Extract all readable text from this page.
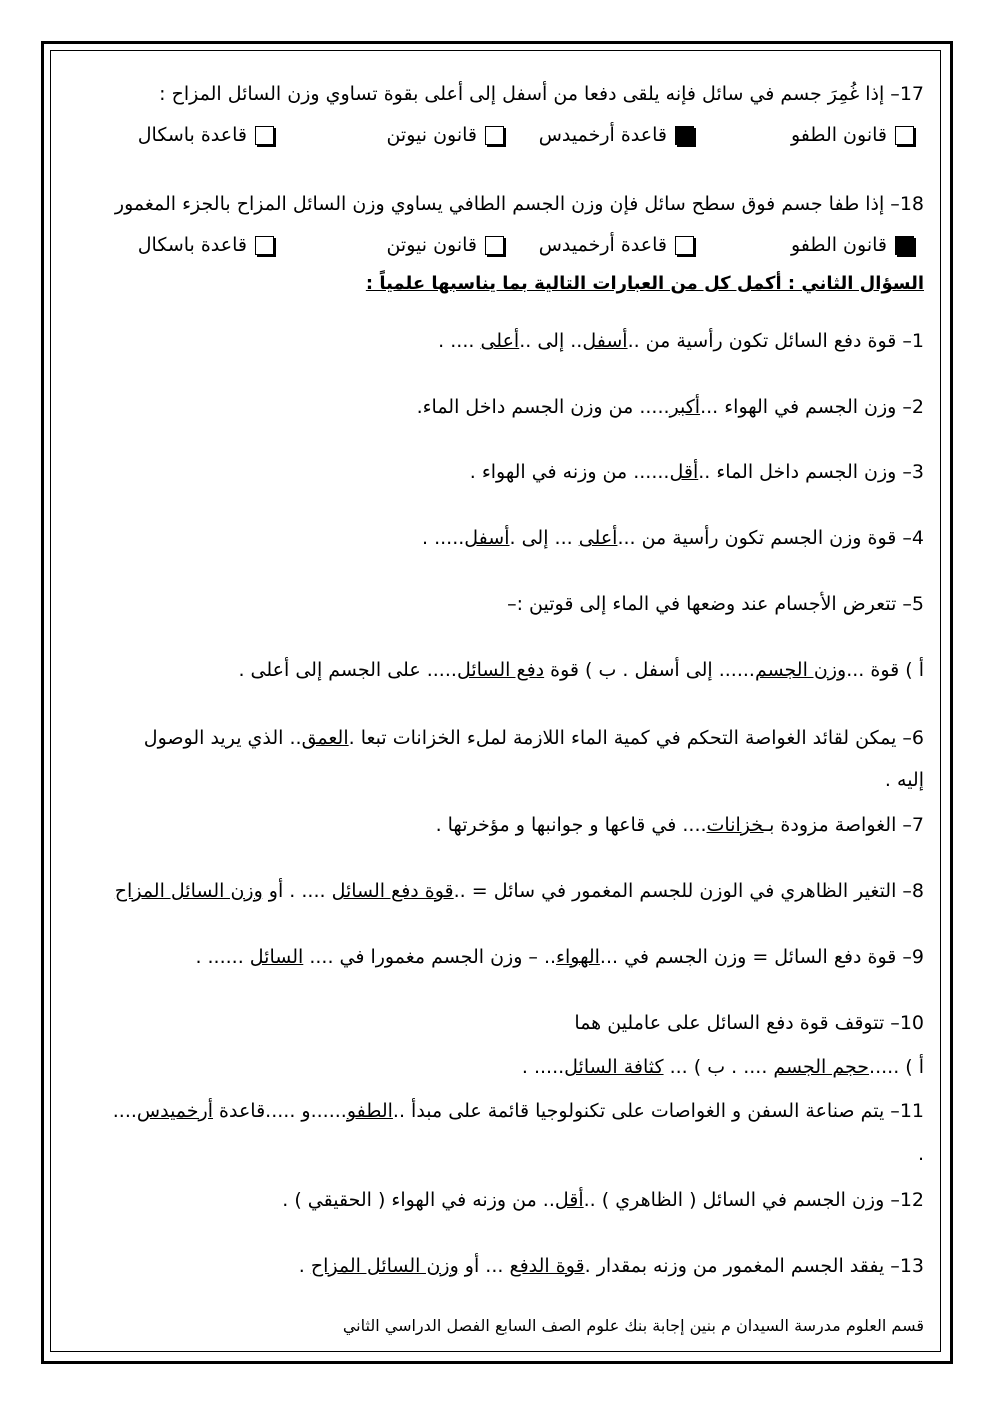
17– إذا غُمِرَ جسم في سائل فإنه يلقى دفعا من أسفل إلى أعلى بقوة تساوي وزن السائل المزاح :
قانون الطفو
قاعدة أرخميدس
قانون نيوتن
قاعدة باسكال
18– إذا طفا جسم فوق سطح سائل فإن وزن الجسم الطافي يساوي وزن السائل المزاح بالجزء المغمور
قانون الطفو
قاعدة أرخميدس
قانون نيوتن
قاعدة باسكال
السؤال الثاني : أكمل كل من العبارات التالية بما يناسبها علمياً :
1– قوة دفع السائل تكون رأسية من ..أسفل.. إلى ..أعلى .... .
2– وزن الجسم في الهواء ...أكبر..... من وزن الجسم داخل الماء.
3– وزن الجسم داخل الماء ..أقل...... من وزنه في الهواء .
4– قوة وزن الجسم تكون رأسية من ...أعلى ... إلى .أسفل..... .
5– تتعرض الأجسام عند وضعها في الماء إلى قوتين :–
أ ) قوة ...وزن الجسم...... إلى أسفل . ب ) قوة دفع السائل..... على الجسم إلى أعلى .
6– يمكن لقائد الغواصة التحكم في كمية الماء اللازمة لملء الخزانات تبعا .العمق.. الذي يريد الوصول
إليه .
7– الغواصة مزودة بـخزانات.... في قاعها و جوانبها و مؤخرتها .
8– التغير الظاهري في الوزن للجسم المغمور في سائل = ..قوة دفع السائل .... . أو وزن السائل المزاح
9– قوة دفع السائل = وزن الجسم في ...الهواء.. – وزن الجسم مغمورا في .... السائل ...... .
10– تتوقف قوة دفع السائل على عاملين هما
أ ) .....حجم الجسم .... . ب ) ... كثافة السائل..... .
11– يتم صناعة السفن و الغواصات على تكنولوجيا قائمة على مبدأ ..الطفو......و .....قاعدة أرخميدس....
.
12– وزن الجسم في السائل ( الظاهري ) ..أقل.. من وزنه في الهواء ( الحقيقي ) .
13– يفقد الجسم المغمور من وزنه بمقدار .قوة الدفع ... أو وزن السائل المزاح .
قسم العلوم مدرسة السيدان م بنين إجابة بنك علوم الصف السابع الفصل الدراسي الثاني
